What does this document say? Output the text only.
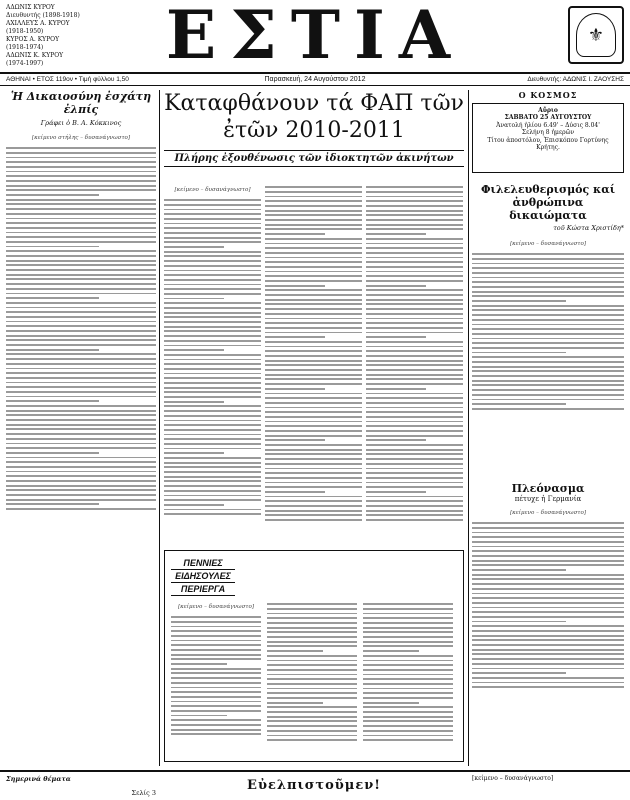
ΑΔΩΝΙΣ ΚΥΡΟΥ
Διευθυντής (1898-1918)
ΑΧΙΛΛΕΥΣ Α. ΚΥΡΟΥ
(1918-1950)
ΚΥΡΟΣ Α. ΚΥΡΟΥ
(1918-1974)
ΑΔΩΝΙΣ Κ. ΚΥΡΟΥ
(1974-1997)	ΕΣΤΙΑ	⚜
ΑΘΗΝΑΙ • ΕΤΟΣ 119ον • Τιμή φύλλου 1,50	Παρασκευή, 24 Αυγούστου 2012	Διευθυντής: ΑΔΩΝΙΣ Ι. ΖΑΟΥΣΗΣ
Ἡ Δικαιοσύνη ἐσχάτη ἐλπίς
Γράφει ὁ Β. Α. Κόκκινος
[κείμενο στήλης – δυσανάγνωστο]
Καταφθάνουν τά ΦΑΠ τῶν ἐτῶν 2010-2011
Πλήρης ἐξουθένωσις τῶν ἰδιοκτητῶν ἀκινήτων
[κείμενο – δυσανάγνωστο]
ΠΕΝΝΙΕΣ
ΕΙΔΗΣΟΥΛΕΣ
ΠΕΡΙΕΡΓΑ
[κείμενο – δυσανάγνωστο]
Ο ΚΟΣΜΟΣ
Αὔριο
ΣΑΒΒΑΤΟ 25 ΑΥΓΟΥΣΤΟΥ
Ἀνατολή ἡλίου 6.49' – Δύσις 8.04'
Σελήνη 8 ἡμερῶν
Τίτου ἀποστόλου, Ἐπισκόπου Γορτύνης Κρήτης.
Φιλελευθερισμός καί ἀνθρώπινα δικαιώματα
τοῦ Κώστα Χριστίδη*
[κείμενο – δυσανάγνωστο]
Πλεόνασμα
πέτυχε ἡ Γερμανία
[κείμενο – δυσανάγνωστο]
Σημερινά θέματα
Σελίς 3	Εὐελπιστοῦμεν!	[κείμενο – δυσανάγνωστο]
